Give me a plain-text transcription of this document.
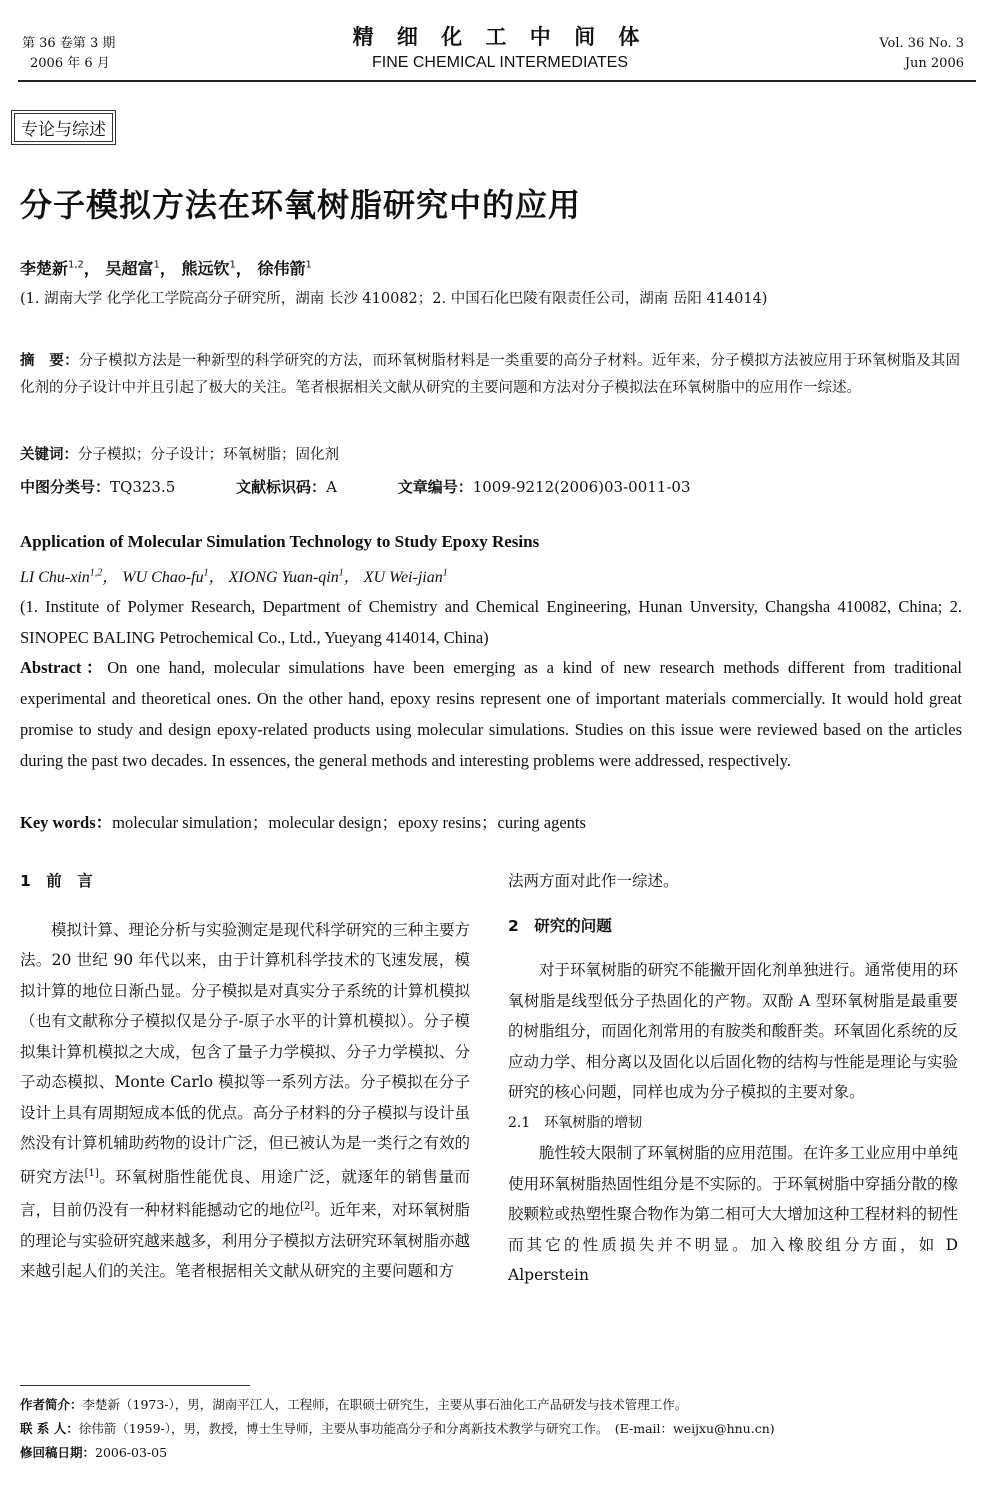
第 36 卷第 3 期
2006 年 6 月
精 细 化 工 中 间 体
FINE CHEMICAL INTERMEDIATES
Vol. 36 No. 3
Jun 2006
专论与综述
分子模拟方法在环氧树脂研究中的应用
李楚新$^{1,2}$， 吴超富$^1$， 熊远钦$^1$， 徐伟箭$^1$
(1. 湖南大学 化学化工学院高分子研究所，湖南 长沙 410082；2. 中国石化巴陵有限责任公司，湖南 岳阳 414014)
摘　要：分子模拟方法是一种新型的科学研究的方法，而环氧树脂材料是一类重要的高分子材料。近年来，分子模拟方法被应用于环氧树脂及其固化剂的分子设计中并且引起了极大的关注。笔者根据相关文献从研究的主要问题和方法对分子模拟法在环氧树脂中的应用作一综述。
关键词：分子模拟；分子设计；环氧树脂；固化剂
中图分类号：TQ323.5	文献标识码：A	文章编号：1009-9212(2006)03-0011-03
Application of Molecular Simulation Technology to Study Epoxy Resins
LI Chu-xin$^{1,2}$， WU Chao-$fu^1$， XIONG Yuan-qin$^1$， XU Wei-jian$^1$
(1. Institute of Polymer Research, Department of Chemistry and Chemical Engineering, Hunan Unversity, Changsha 410082, China; 2. SINOPEC BALING Petrochemical Co., Ltd., Yueyang 414014, China)
Abstract：On one hand, molecular simulations have been emerging as a kind of new research methods different from traditional experimental and theoretical ones. On the other hand, epoxy resins represent one of important materials commercially. It would hold great promise to study and design epoxy-related products using molecular simulations. Studies on this issue were reviewed based on the articles during the past two decades. In essences, the general methods and interesting problems were addressed, respectively.
Key words：molecular simulation；molecular design；epoxy resins；curing agents
1　前　言
模拟计算、理论分析与实验测定是现代科学研究的三种主要方法。20 世纪 90 年代以来，由于计算机科学技术的飞速发展，模拟计算的地位日渐凸显。分子模拟是对真实分子系统的计算机模拟（也有文献称分子模拟仅是分子-原子水平的计算机模拟）。分子模拟集计算机模拟之大成，包含了量子力学模拟、分子力学模拟、分子动态模拟、Monte Carlo 模拟等一系列方法。分子模拟在分子设计上具有周期短成本低的优点。高分子材料的分子模拟与设计虽然没有计算机辅助药物的设计广泛，但已被认为是一类行之有效的研究方法[1]。环氧树脂性能优良、用途广泛，就逐年的销售量而言，目前仍没有一种材料能撼动它的地位[2]。近年来，对环氧树脂的理论与实验研究越来越多，利用分子模拟方法研究环氧树脂亦越来越引起人们的关注。笔者根据相关文献从研究的主要问题和方
法两方面对此作一综述。
2　研究的问题
对于环氧树脂的研究不能撇开固化剂单独进行。通常使用的环氧树脂是线型低分子热固化的产物。双酚 A 型环氧树脂是最重要的树脂组分，而固化剂常用的有胺类和酸酐类。环氧固化系统的反应动力学、相分离以及固化以后固化物的结构与性能是理论与实验研究的核心问题，同样也成为分子模拟的主要对象。
2.1　环氧树脂的增韧
脆性较大限制了环氧树脂的应用范围。在许多工业应用中单纯使用环氧树脂热固性组分是不实际的。于环氧树脂中穿插分散的橡胶颗粒或热塑性聚合物作为第二相可大大增加这种工程材料的韧性而其它的性质损失并不明显。加入橡胶组分方面，如 D Alperstein
作者简介：李楚新（1973-），男，湖南平江人，工程师，在职硕士研究生，主要从事石油化工产品研发与技术管理工作。
联 系 人：徐伟箭（1959-），男，教授，博士生导师，主要从事功能高分子和分离新技术教学与研究工作。　(E-mail：weijxu@hnu.cn)
修回稿日期：2006-03-05
